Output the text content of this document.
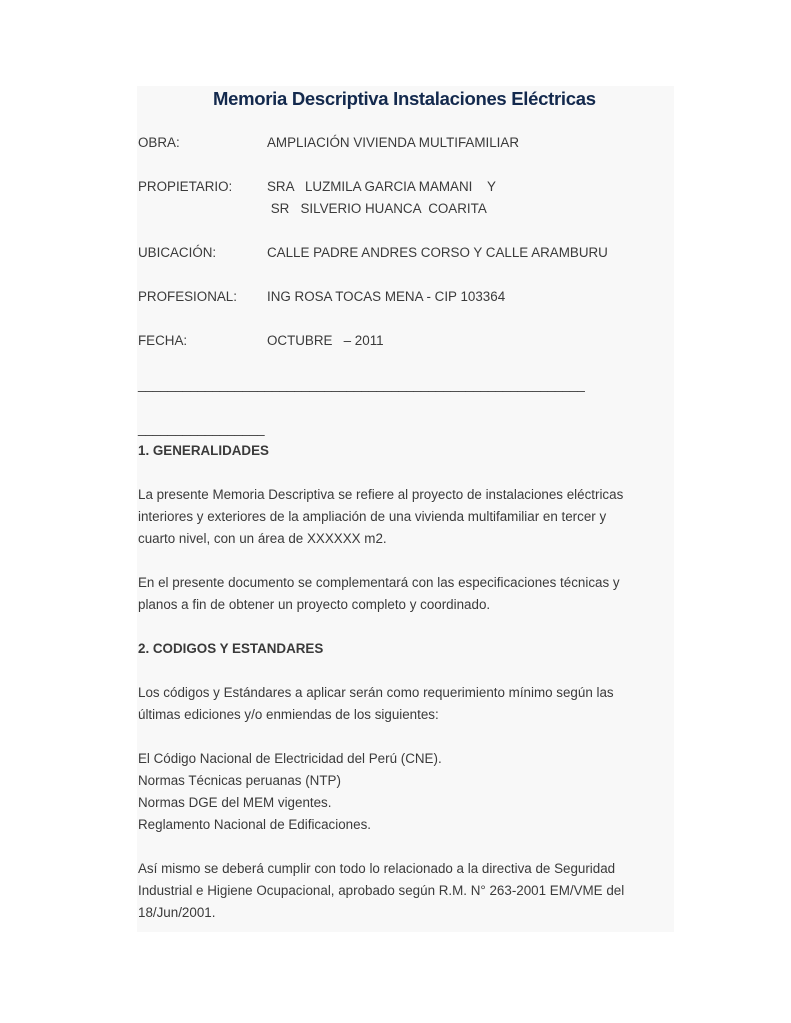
Memoria Descriptiva Instalaciones Eléctricas
OBRA:	AMPLIACIÓN VIVIENDA MULTIFAMILIAR
PROPIETARIO:	SRA   LUZMILA GARCIA MAMANI    Y
SR   SILVERIO HUANCA  COARITA
UBICACIÓN:	CALLE PADRE ANDRES CORSO Y CALLE ARAMBURU
PROFESIONAL:	ING ROSA TOCAS MENA - CIP 103364
FECHA:	OCTUBRE   – 2011
____________________________________________________________
_________________
1. GENERALIDADES

La presente Memoria Descriptiva se refiere al proyecto de instalaciones eléctricas

interiores y exteriores de la ampliación de una vivienda multifamiliar en tercer y

cuarto nivel, con un área de XXXXXX m2.

En el presente documento se complementará con las especificaciones técnicas y

planos a fin de obtener un proyecto completo y coordinado.

2. CODIGOS Y ESTANDARES

Los códigos y Estándares a aplicar serán como requerimiento mínimo según las

últimas ediciones y/o enmiendas de los siguientes:

El Código Nacional de Electricidad del Perú (CNE).

Normas Técnicas peruanas (NTP)

Normas DGE del MEM vigentes.

Reglamento Nacional de Edificaciones.

Así mismo se deberá cumplir con todo lo relacionado a la directiva de Seguridad

Industrial e Higiene Ocupacional, aprobado según R.M. N° 263-2001 EM/VME del

18/Jun/2001.
